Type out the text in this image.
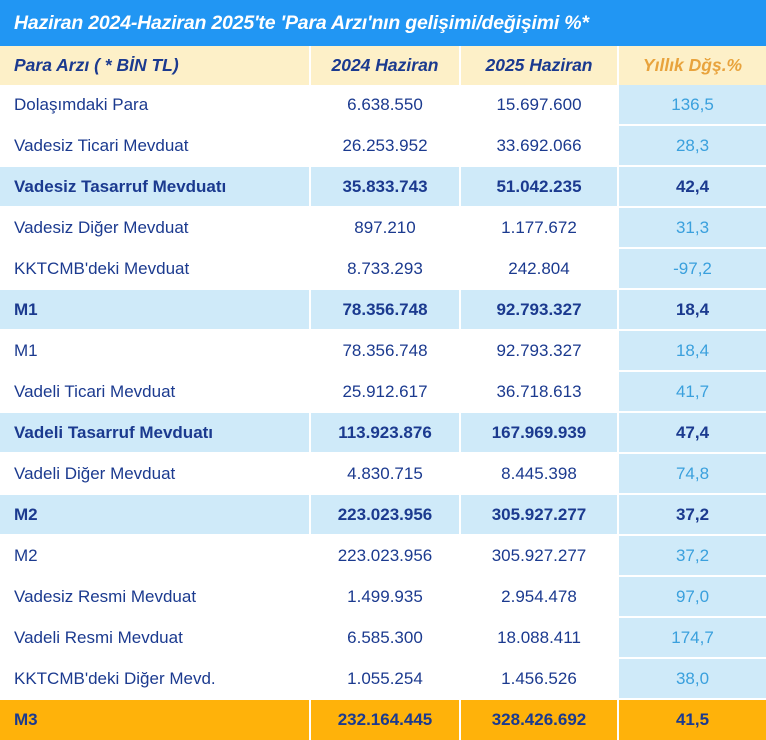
Haziran 2024-Haziran 2025'te 'Para Arzı'nın gelişimi/değişimi %*			
Para Arzı ( * BİN TL)	2024 Haziran	2025 Haziran	Yıllık Dğş.%
Dolaşımdaki Para	6.638.550	15.697.600	136,5
Vadesiz Ticari Mevduat	26.253.952	33.692.066	28,3
Vadesiz Tasarruf Mevduatı	35.833.743	51.042.235	42,4
Vadesiz Diğer Mevduat	897.210	1.177.672	31,3
KKTCMB'deki Mevduat	8.733.293	242.804	-97,2
M1	78.356.748	92.793.327	18,4
M1	78.356.748	92.793.327	18,4
Vadeli Ticari Mevduat	25.912.617	36.718.613	41,7
Vadeli Tasarruf Mevduatı	113.923.876	167.969.939	47,4
Vadeli Diğer Mevduat	4.830.715	8.445.398	74,8
M2	223.023.956	305.927.277	37,2
M2	223.023.956	305.927.277	37,2
Vadesiz Resmi Mevduat	1.499.935	2.954.478	97,0
Vadeli Resmi Mevduat	6.585.300	18.088.411	174,7
KKTCMB'deki Diğer Mevd.	1.055.254	1.456.526	38,0
M3	232.164.445	328.426.692	41,5
